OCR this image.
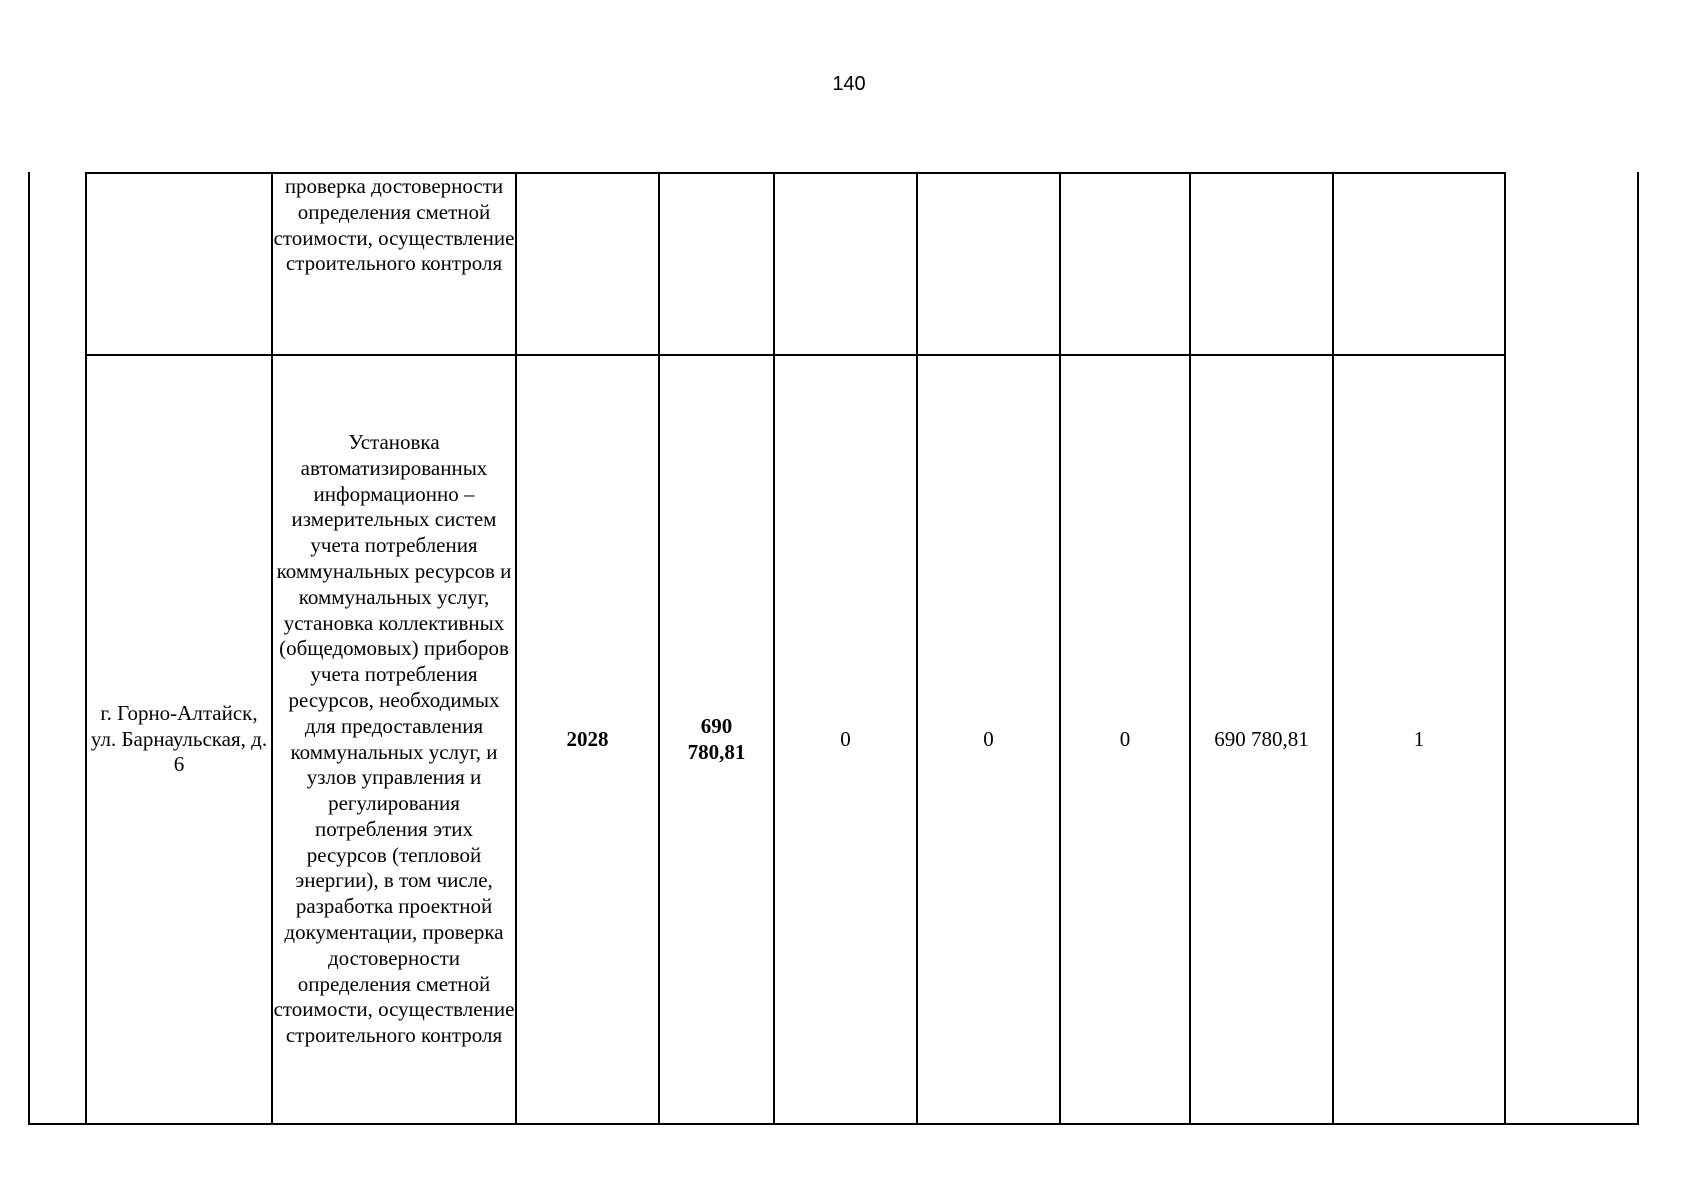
140

		проверка достоверности определения сметной стоимости, осуществление строительного контроля								

	г. Горно-Алтайск, ул. Барнаульская, д. 6	Установка автоматизированных информационно – измерительных систем учета потребления коммунальных ресурсов и коммунальных услуг, установка коллективных (общедомовых) приборов учета потребления ресурсов, необходимых для предоставления коммунальных услуг, и узлов управления и регулирования потребления этих ресурсов (тепловой энергии), в том числе, разработка проектной документации, проверка достоверности определения сметной стоимости, осуществление строительного контроля	2028	690 780,81	0	0	0	690 780,81	1	
